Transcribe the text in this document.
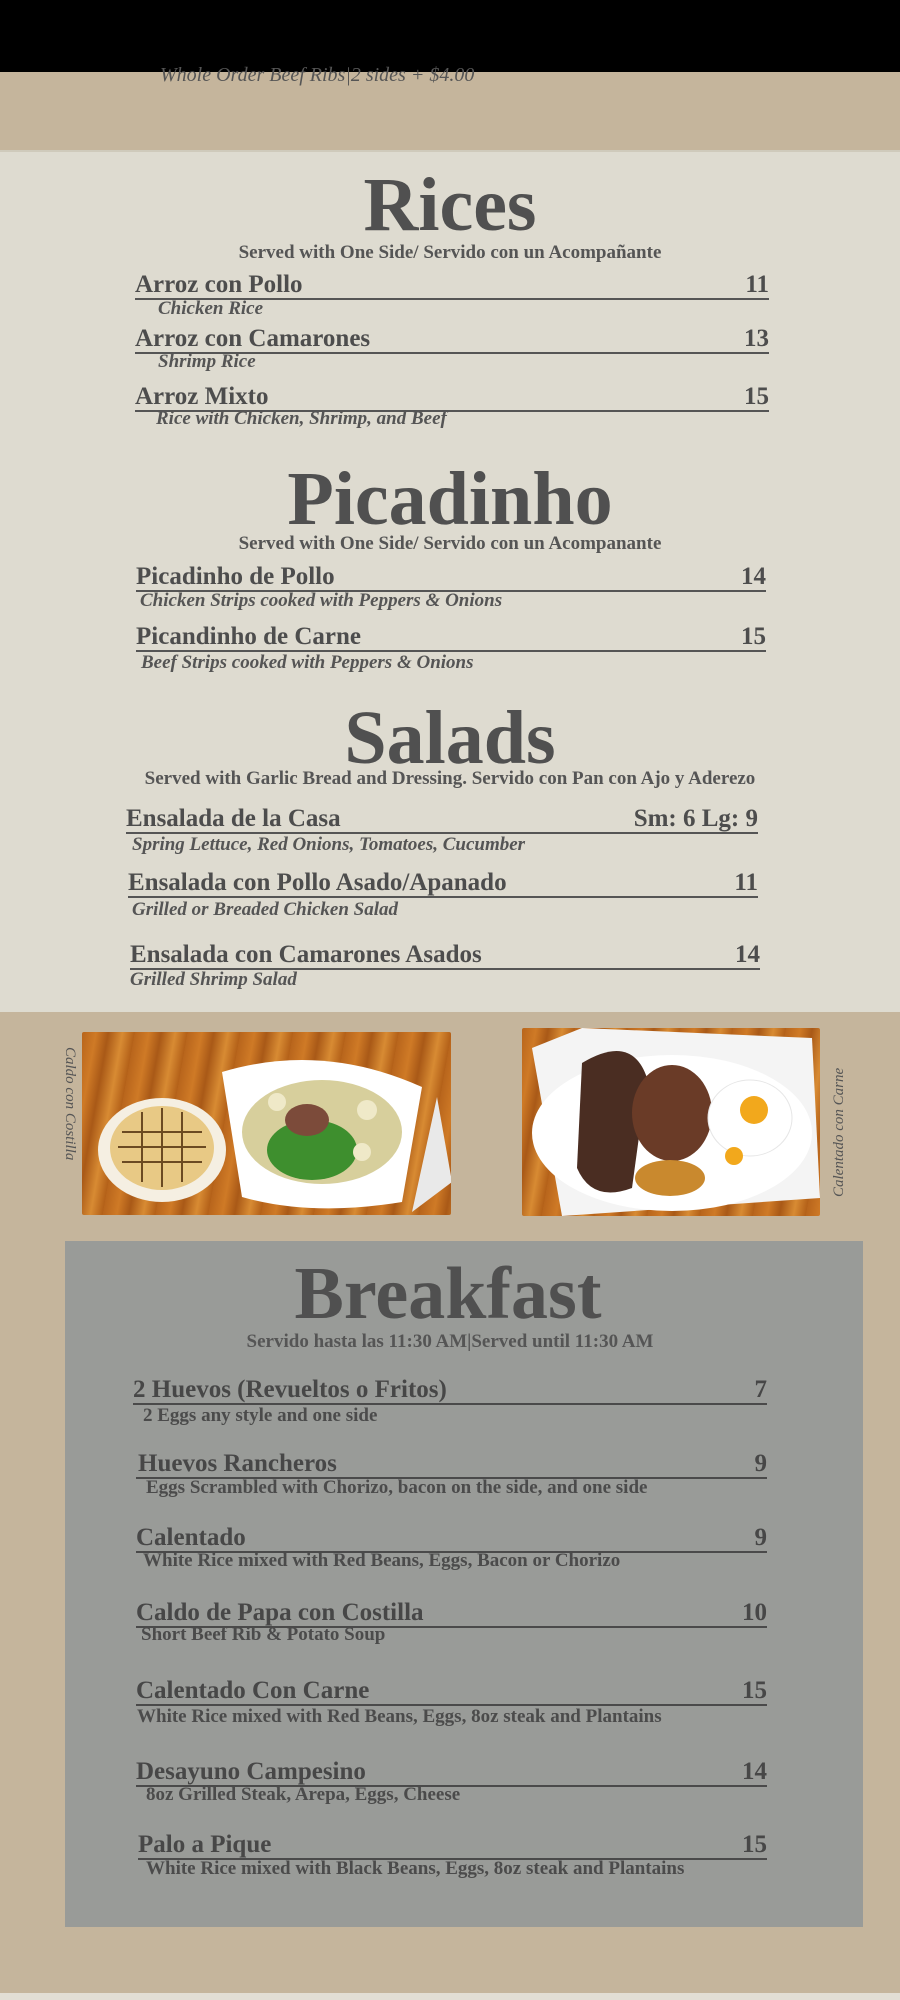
Whole Order Beef Ribs|2 sides + $4.00
Rices
Served with One Side/ Servido con un Acompañante
Arroz con Pollo	11
Chicken Rice
Arroz con Camarones	13
Shrimp Rice
Arroz Mixto	15
Rice with Chicken, Shrimp, and Beef
Picadinho
Served with One Side/ Servido con un Acompanante
Picadinho de Pollo	14
Chicken Strips cooked with Peppers & Onions
Picandinho de Carne	15
Beef Strips cooked with Peppers & Onions
Salads
Served with Garlic Bread and Dressing. Servido con Pan con Ajo y Aderezo
Ensalada de la Casa	Sm: 6 Lg: 9
Spring Lettuce, Red Onions, Tomatoes, Cucumber
Ensalada con Pollo Asado/Apanado	11
Grilled or Breaded Chicken Salad
Ensalada con Camarones Asados	14
Grilled Shrimp Salad
Caldo con Costilla	Calentado con Carne
Breakfast
Servido hasta las 11:30 AM|Served until 11:30 AM
2 Huevos (Revueltos o Fritos)	7
2 Eggs any style and one side
Huevos Rancheros	9
Eggs Scrambled with Chorizo, bacon on the side, and one side
Calentado	9
White Rice mixed with Red Beans, Eggs, Bacon or Chorizo
Caldo de Papa con Costilla	10
Short Beef Rib & Potato Soup
Calentado Con Carne	15
White Rice mixed with Red Beans, Eggs, 8oz steak and Plantains
Desayuno Campesino	14
8oz Grilled Steak, Arepa, Eggs, Cheese
Palo a Pique	15
White Rice mixed with Black Beans, Eggs, 8oz steak and Plantains
